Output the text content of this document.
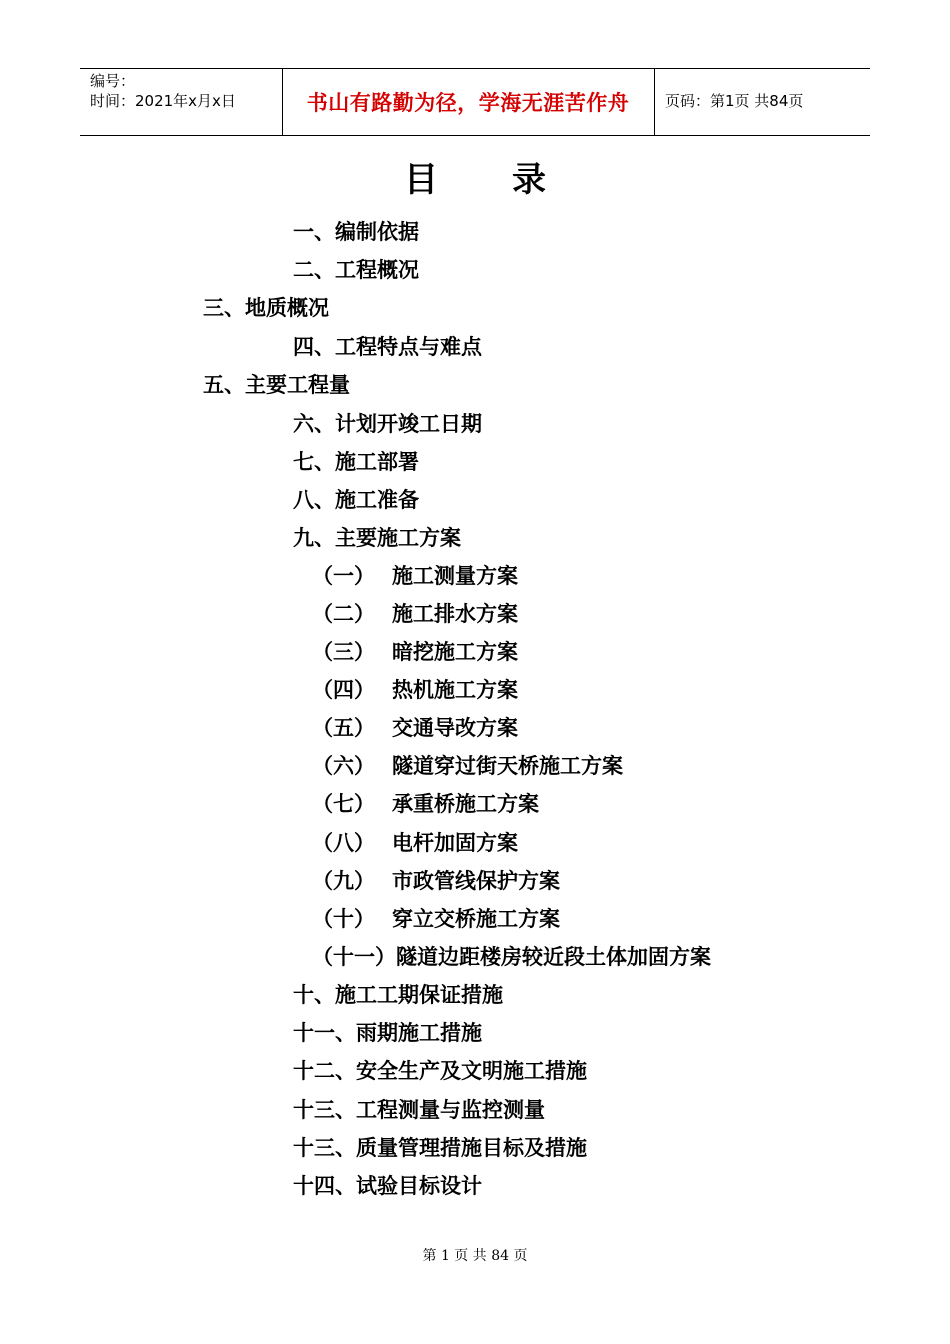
编号：
时间：2021年x月x日	书山有路勤为径，学海无涯苦作舟	页码：第1页 共84页
目 录
一、编制依据
二、工程概况
三、地质概况
四、工程特点与难点
五、主要工程量
六、计划开竣工日期
七、施工部署
八、施工准备
九、主要施工方案
（一） 施工测量方案
（二） 施工排水方案
（三） 暗挖施工方案
（四） 热机施工方案
（五） 交通导改方案
（六） 隧道穿过街天桥施工方案
（七） 承重桥施工方案
（八） 电杆加固方案
（九） 市政管线保护方案
（十） 穿立交桥施工方案
（十一）隧道边距楼房较近段土体加固方案
十、施工工期保证措施
十一、雨期施工措施
十二、安全生产及文明施工措施
十三、工程测量与监控测量
十三、质量管理措施目标及措施
十四、试验目标设计
第 1 页 共 84 页
